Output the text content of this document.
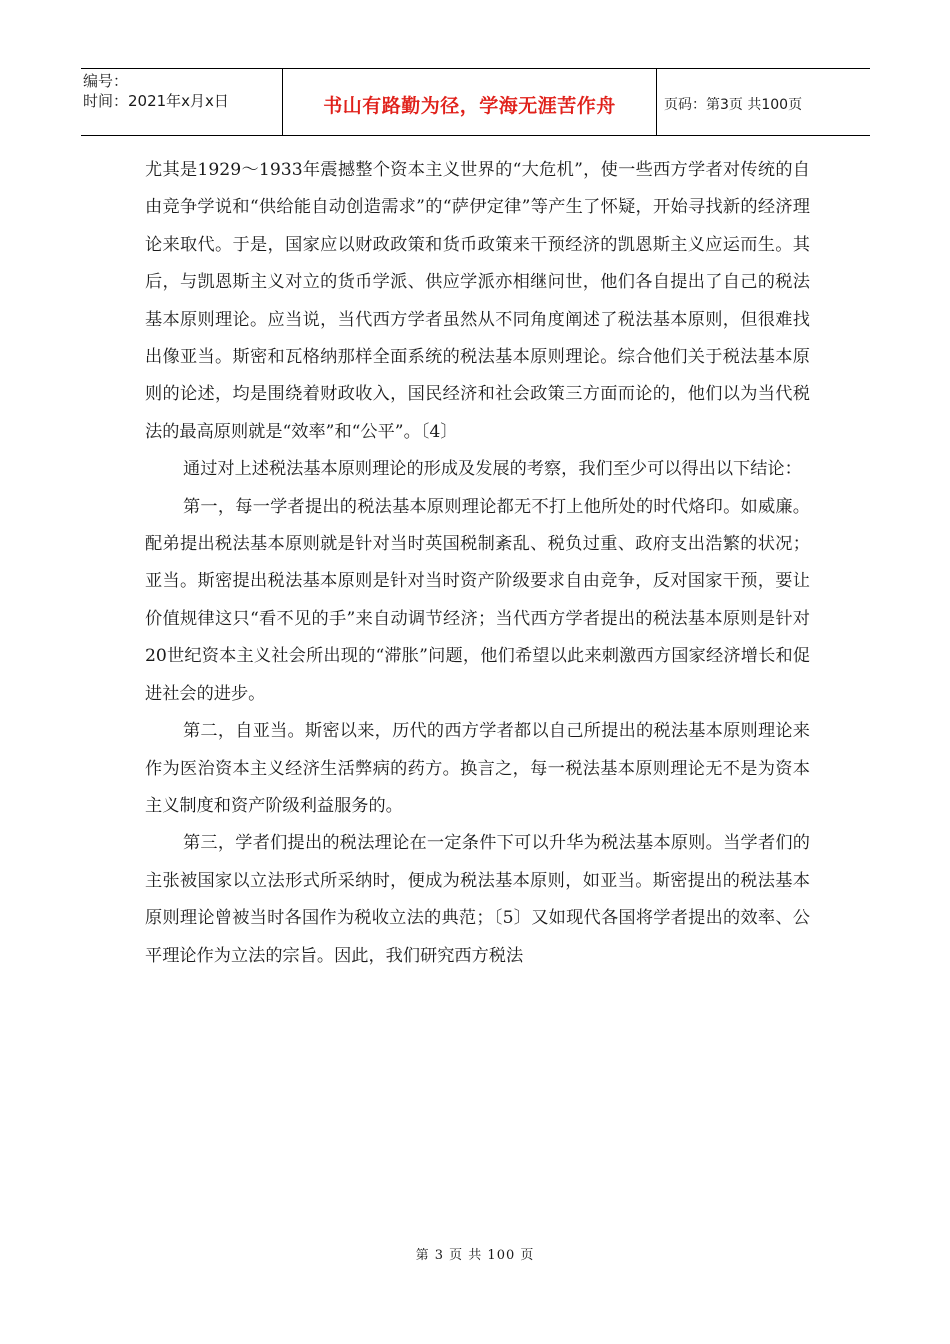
编号：
时间：2021年x月x日	书山有路勤为径，学海无涯苦作舟	页码：第3页 共100页

尤其是1929～1933年震撼整个资本主义世界的“大危机”，使一些西方学者对传统的自由竞争学说和“供给能自动创造需求”的“萨伊定律”等产生了怀疑，开始寻找新的经济理论来取代。于是，国家应以财政政策和货币政策来干预经济的凯恩斯主义应运而生。其后，与凯恩斯主义对立的货币学派、供应学派亦相继问世，他们各自提出了自己的税法基本原则理论。应当说，当代西方学者虽然从不同角度阐述了税法基本原则，但很难找出像亚当。斯密和瓦格纳那样全面系统的税法基本原则理论。综合他们关于税法基本原则的论述，均是围绕着财政收入，国民经济和社会政策三方面而论的，他们以为当代税法的最高原则就是“效率”和“公平”。〔4〕

通过对上述税法基本原则理论的形成及发展的考察，我们至少可以得出以下结论：

第一，每一学者提出的税法基本原则理论都无不打上他所处的时代烙印。如威廉。配弟提出税法基本原则就是针对当时英国税制紊乱、税负过重、政府支出浩繁的状况；亚当。斯密提出税法基本原则是针对当时资产阶级要求自由竞争，反对国家干预，要让价值规律这只“看不见的手”来自动调节经济；当代西方学者提出的税法基本原则是针对20世纪资本主义社会所出现的“滞胀”问题，他们希望以此来刺激西方国家经济增长和促进社会的进步。

第二，自亚当。斯密以来，历代的西方学者都以自己所提出的税法基本原则理论来作为医治资本主义经济生活弊病的药方。换言之，每一税法基本原则理论无不是为资本主义制度和资产阶级利益服务的。

第三，学者们提出的税法理论在一定条件下可以升华为税法基本原则。当学者们的主张被国家以立法形式所采纳时，便成为税法基本原则，如亚当。斯密提出的税法基本原则理论曾被当时各国作为税收立法的典范；〔5〕又如现代各国将学者提出的效率、公平理论作为立法的宗旨。因此，我们研究西方税法

第 3 页 共 100 页
